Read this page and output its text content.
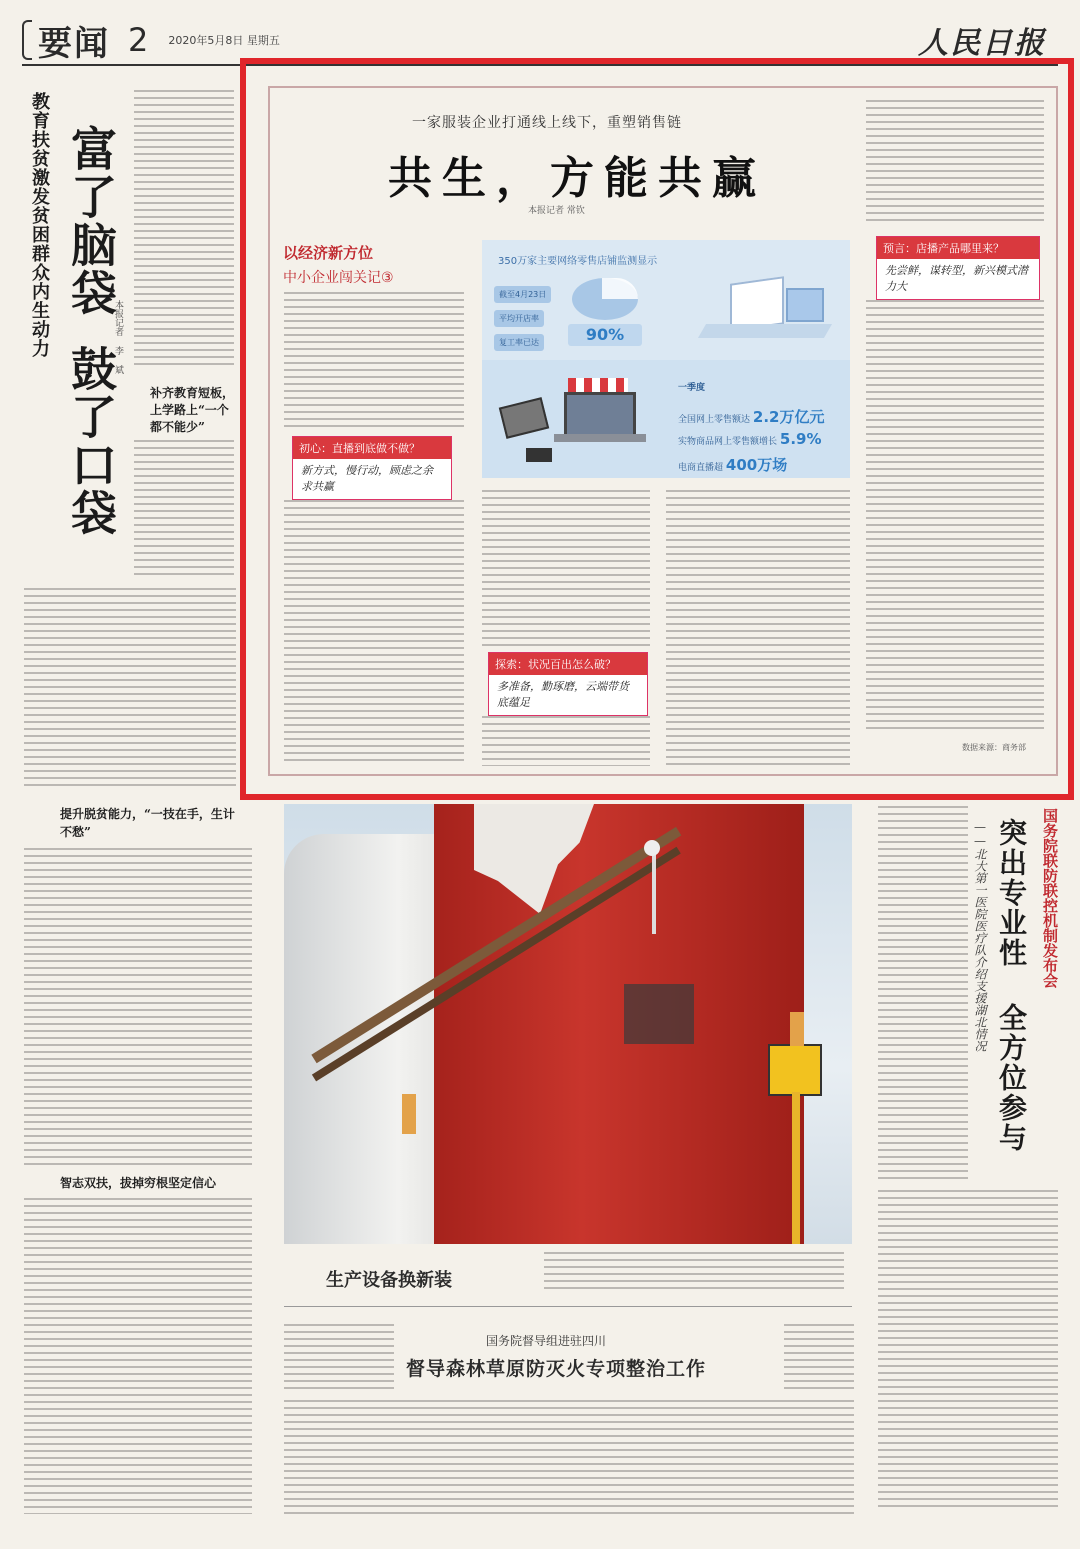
要闻 2 2020年5月8日 星期五	人民日报
教育扶贫激发贫困群众内生动力 富了脑袋
鼓了口袋
本报记者 李 斌
补齐教育短板，上学路上“一个都不能少”
提升脱贫能力，“一技在手，生计不愁”
智志双扶，拔掉穷根坚定信心
一家服装企业打通线上线下，重塑销售链
共生，方能共赢
本报记者 常钦
以经济新方位
中小企业闯关记③
初心：直播到底做不做？
新方式，慢行动，顾虑之余求共赢
350万家主要网络零售店铺监测显示
截至4月23日
平均开店率
复工率已达	90%
一季度
全国网上零售额达 2.2万亿元
实物商品网上零售额增长 5.9%
电商直播超 400万场
探索：状况百出怎么破？
多准备，勤琢磨，云端带货底蕴足
预言：店播产品哪里来？
先尝鲜，谋转型，新兴模式潜力大
数据来源：商务部
生产设备换新装
国务院联防联控机制发布会
突出专业性 全方位参与
——北大第一医院医疗队介绍支援湖北情况
国务院督导组进驻四川
督导森林草原防灭火专项整治工作
